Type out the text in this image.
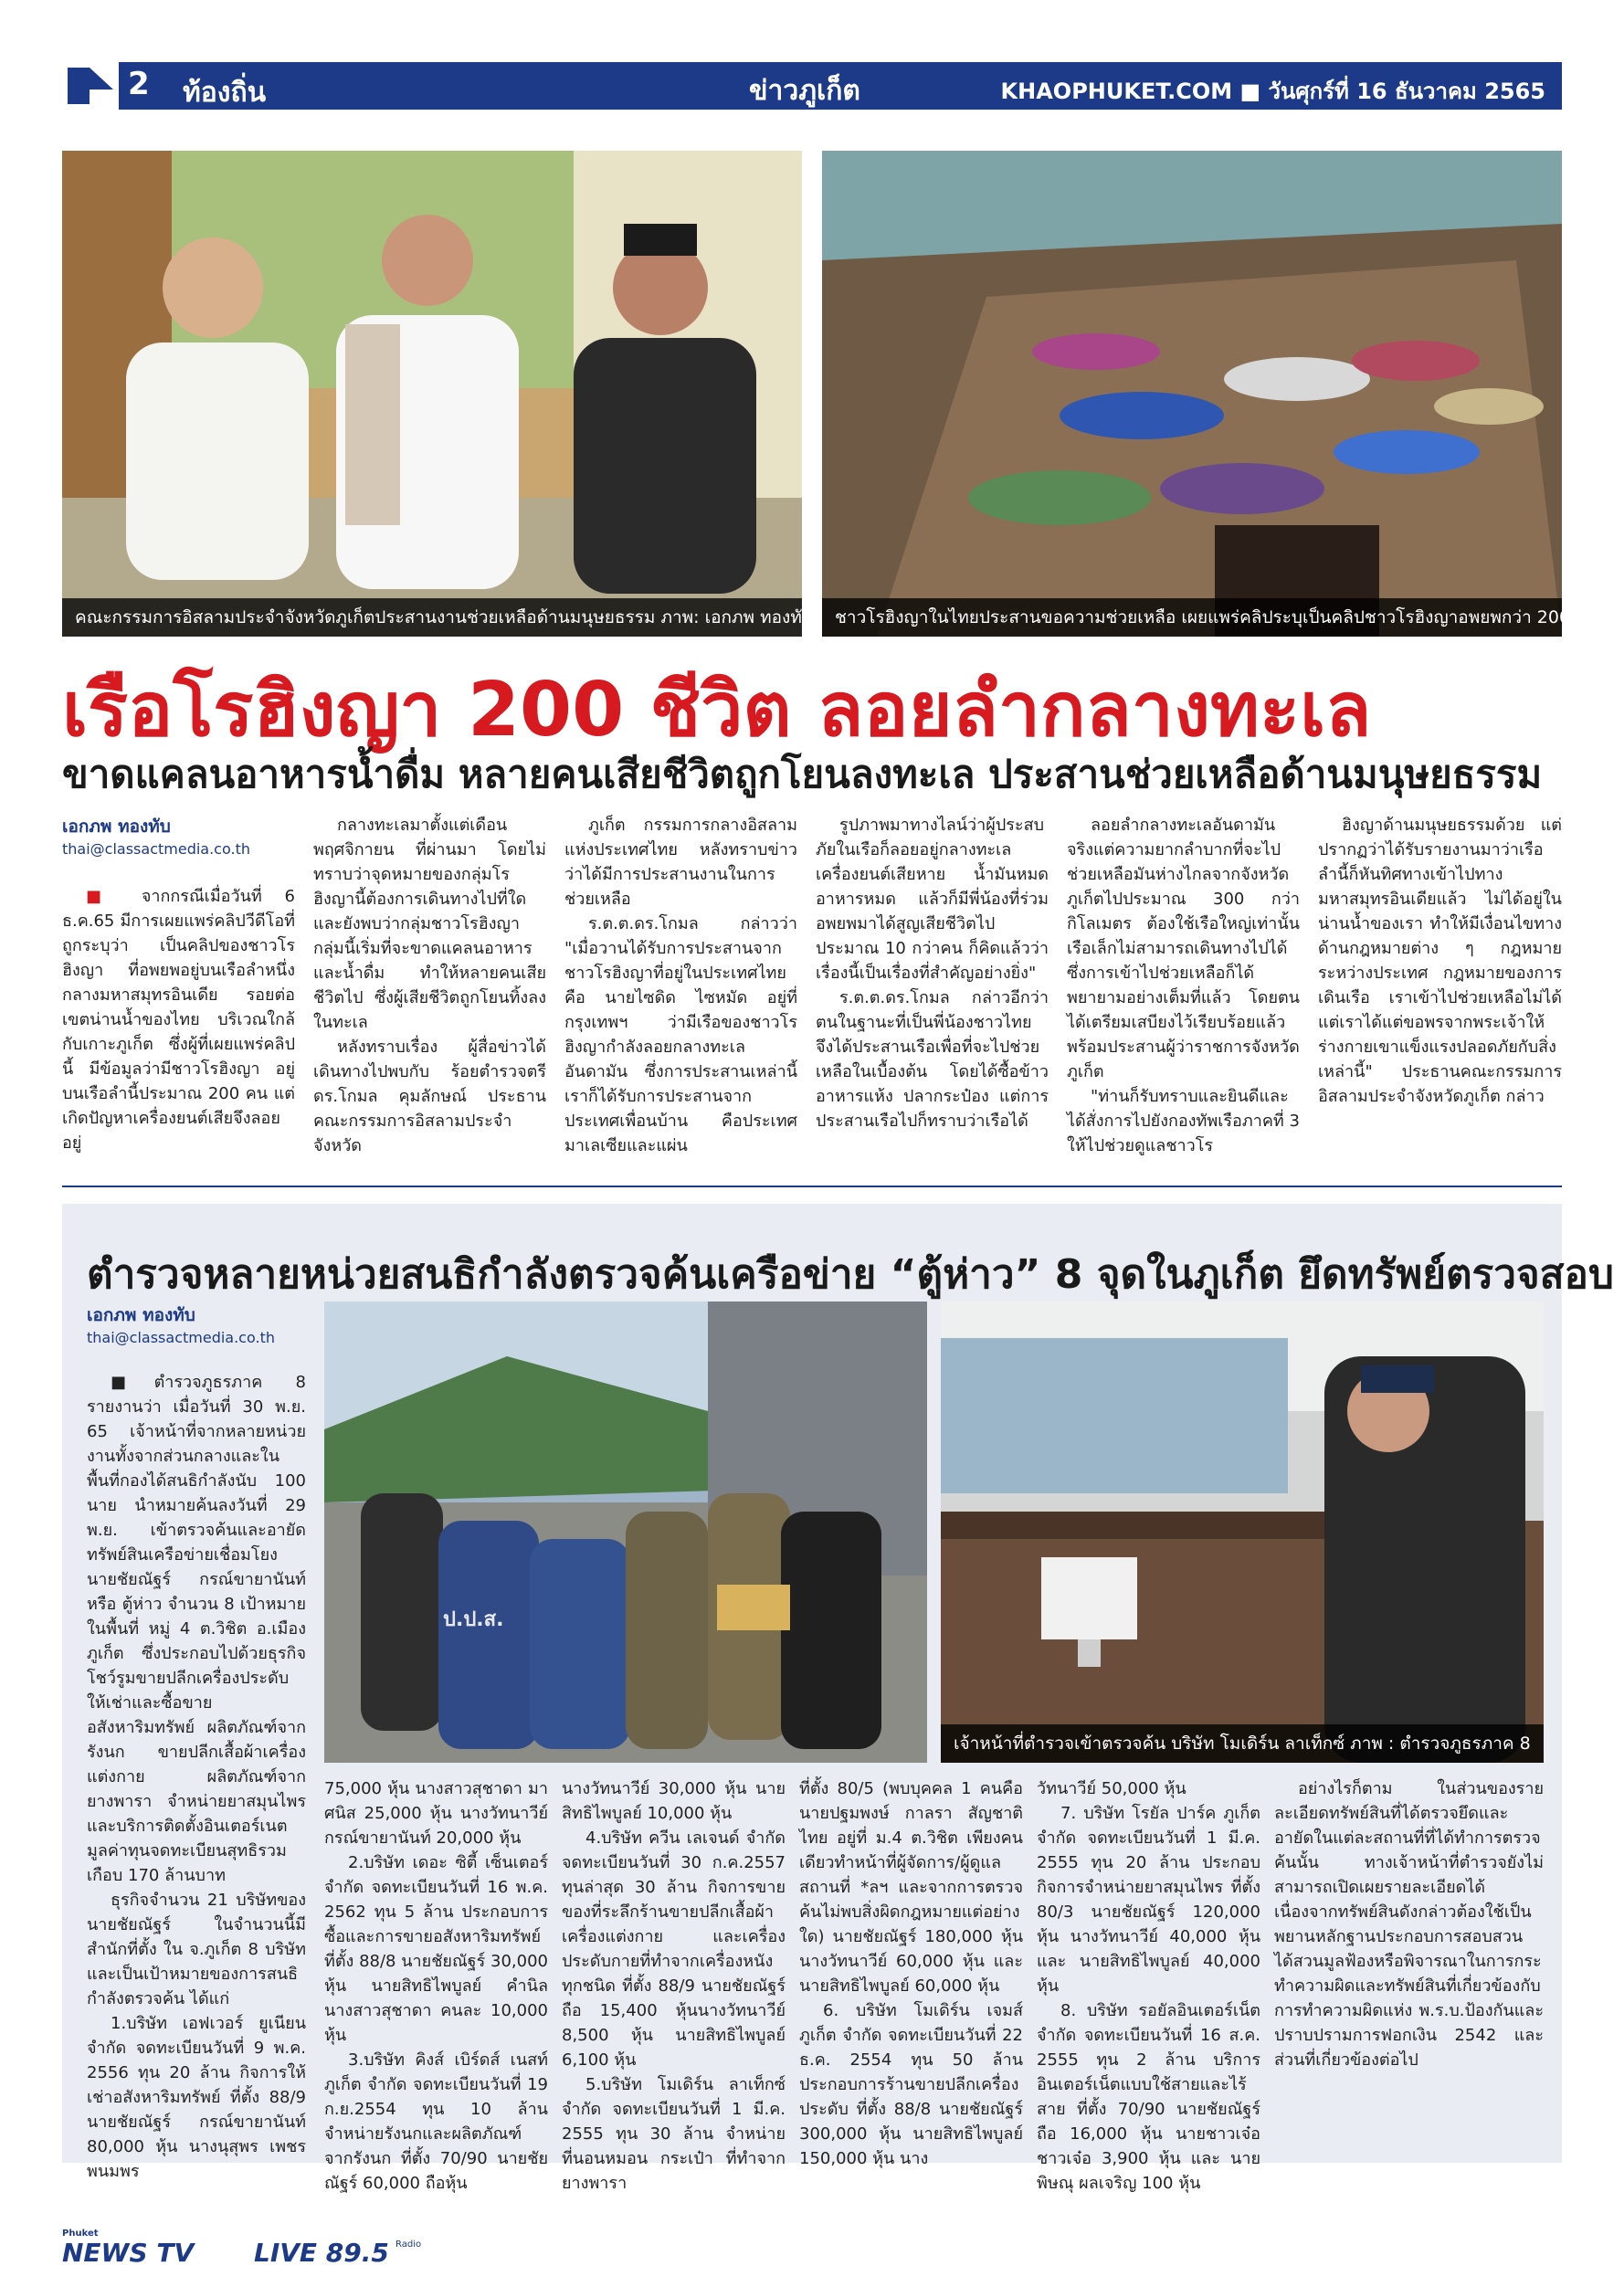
2 ท้องถิ่น	ข่าวภูเก็ต	KHAOPHUKET.COM ■ วันศุกร์ที่ 16 ธันวาคม 2565
คณะกรรมการอิสลามประจำจังหวัดภูเก็ตประสานงานช่วยเหลือด้านมนุษยธรรม ภาพ: เอกภพ ทองทับ	ชาวโรฮิงญาในไทยประสานขอความช่วยเหลือ เผยแพร่คลิประบุเป็นคลิปชาวโรฮิงญาอพยพกว่า 200 คน
เรือโรฮิงญา 200 ชีวิต ลอยลำกลางทะเล
ขาดแคลนอาหารน้ำดื่ม หลายคนเสียชีวิตถูกโยนลงทะเล ประสานช่วยเหลือด้านมนุษยธรรม
เอกภพ ทองทับ
thai@classactmedia.co.th

■ จากกรณีเมื่อวันที่ 6 ธ.ค.65 มีการเผยแพร่คลิปวีดีโอที่ถูกระบุว่า เป็นคลิปของชาวโรฮิงญา ที่อพยพอยู่บนเรือลำหนึ่ง กลางมหาสมุทรอินเดีย รอยต่อเขตน่านน้ำของไทย บริเวณใกล้กับเกาะภูเก็ต ซึ่งผู้ที่เผยแพร่คลิปนี้ มีข้อมูลว่ามีชาวโรฮิงญา อยู่บนเรือลำนี้ประมาณ 200 คน แต่เกิดปัญหาเครื่องยนต์เสียจึงลอยอยู่

กลางทะเลมาตั้งแต่เดือนพฤศจิกายน ที่ผ่านมา โดยไม่ทราบว่าจุดหมายของกลุ่มโรฮิงญานี้ต้องการเดินทางไปที่ใด และยังพบว่ากลุ่มชาวโรฮิงญากลุ่มนี้เริ่มที่จะขาดแคลนอาหารและน้ำดื่ม ทำให้หลายคนเสียชีวิตไป ซึ่งผู้เสียชีวิตถูกโยนทิ้งลงในทะเล

หลังทราบเรื่อง ผู้สื่อข่าวได้เดินทางไปพบกับ ร้อยตำรวจตรี ดร.โกมล คุมลักษณ์ ประธานคณะกรรมการอิสลามประจำจังหวัด

ภูเก็ต กรรมการกลางอิสลามแห่งประเทศไทย หลังทราบข่าวว่าได้มีการประสานงานในการช่วยเหลือ

ร.ต.ต.ดร.โกมล กล่าวว่า "เมื่อวานได้รับการประสานจากชาวโรฮิงญาที่อยู่ในประเทศไทยคือ นายไซดิด ไซหมัด อยู่ที่กรุงเทพฯ ว่ามีเรือของชาวโรฮิงญากำลังลอยกลางทะเลอันดามัน ซึ่งการประสานเหล่านี้เราก็ได้รับการประสานจากประเทศเพื่อนบ้าน คือประเทศมาเลเซียและแผ่น

รูปภาพมาทางไลน์ว่าผู้ประสบภัยในเรือก็ลอยอยู่กลางทะเลเครื่องยนต์เสียหาย น้ำมันหมด อาหารหมด แล้วก็มีพี่น้องที่ร่วมอพยพมาได้สูญเสียชีวิตไปประมาณ 10 กว่าคน ก็คิดแล้วว่าเรื่องนี้เป็นเรื่องที่สำคัญอย่างยิ่ง"

ร.ต.ต.ดร.โกมล กล่าวอีกว่า ตนในฐานะที่เป็นพี่น้องชาวไทยจึงได้ประสานเรือเพื่อที่จะไปช่วยเหลือในเบื้องต้น โดยได้ซื้อข้าวอาหารแห้ง ปลากระป๋อง แต่การประสานเรือไปก็ทราบว่าเรือได้

ลอยลำกลางทะเลอันดามันจริงแต่ความยากลำบากที่จะไปช่วยเหลือมันห่างไกลจากจังหวัดภูเก็ตไปประมาณ 300 กว่ากิโลเมตร ต้องใช้เรือใหญ่เท่านั้น เรือเล็กไม่สามารถเดินทางไปได้ ซึ่งการเข้าไปช่วยเหลือก็ได้พยายามอย่างเต็มที่แล้ว โดยตนได้เตรียมเสบียงไว้เรียบร้อยแล้ว พร้อมประสานผู้ว่าราชการจังหวัดภูเก็ต

"ท่านก็รับทราบและยินดีและได้สั่งการไปยังกองทัพเรือภาคที่ 3 ให้ไปช่วยดูแลชาวโร

ฮิงญาด้านมนุษยธรรมด้วย แต่ปรากฏว่าได้รับรายงานมาว่าเรือลำนี้ก็หันทิศทางเข้าไปทางมหาสมุทรอินเดียแล้ว ไม่ได้อยู่ในน่านน้ำของเรา ทำให้มีเงื่อนไขทางด้านกฎหมายต่าง ๆ กฎหมายระหว่างประเทศ กฎหมายของการเดินเรือ เราเข้าไปช่วยเหลือไม่ได้ แต่เราได้แต่ขอพรจากพระเจ้าให้ร่างกายเขาแข็งแรงปลอดภัยกับสิ่งเหล่านี้" ประธานคณะกรรมการอิสลามประจำจังหวัดภูเก็ต กล่าว

ตำรวจหลายหน่วยสนธิกำลังตรวจค้นเครือข่าย “ตู้ห่าว” 8 จุดในภูเก็ต ยึดทรัพย์ตรวจสอบ
เอกภพ ทองทับ
thai@classactmedia.co.th

■ตำรวจภูธรภาค 8 รายงานว่า เมื่อวันที่ 30 พ.ย. 65 เจ้าหน้าที่จากหลายหน่วยงานทั้งจากส่วนกลางและในพื้นที่กองได้สนธิกำลังนับ 100 นาย นำหมายค้นลงวันที่ 29 พ.ย. เข้าตรวจค้นและอายัดทรัพย์สินเครือข่ายเชื่อมโยงนายชัยณัฐร์ กรณ์ขายานันท์ หรือ ตู้ห่าว จำนวน 8 เป้าหมาย ในพื้นที่ หมู่ 4 ต.วิชิต อ.เมืองภูเก็ต ซึ่งประกอบไปด้วยธุรกิจโชว์รูมขายปลีกเครื่องประดับ ให้เช่าและซื้อขายอสังหาริมทรัพย์ ผลิตภัณฑ์จากรังนก ขายปลีกเสื้อผ้าเครื่องแต่งกาย ผลิตภัณฑ์จากยางพารา จำหน่ายยาสมุนไพร และบริการติดตั้งอินเตอร์เนต มูลค่าทุนจดทะเบียนสุทธิรวมเกือบ 170 ล้านบาท

ธุรกิจจำนวน 21 บริษัทของนายชัยณัฐร์ ในจำนวนนี้มีสำนักที่ตั้ง ใน จ.ภูเก็ต 8 บริษัท และเป็นเป้าหมายของการสนธิกำลังตรวจค้น ได้แก่

1.บริษัท เอฟเวอร์ ยูเนียน จำกัด จดทะเบียนวันที่ 9 พ.ค. 2556 ทุน 20 ล้าน กิจการให้เช่าอสังหาริมทรัพย์ ที่ตั้ง 88/9 นายชัยณัฐร์ กรณ์ขายานันท์ 80,000 หุ้น นางนุสุพร เพชรพนมพร

ป.ป.ส.
เจ้าหน้าที่ตำรวจเข้าตรวจค้น บริษัท โมเดิร์น ลาเท็กซ์ ภาพ : ตำรวจภูธรภาค 8

75,000 หุ้น นางสาวสุชาดา มาศนิส 25,000 หุ้น นางวัทนาวีย์ กรณ์ขายานันท์ 20,000 หุ้น

2.บริษัท เดอะ ซิตี้ เซ็นเตอร์ จำกัด จดทะเบียนวันที่ 16 พ.ค. 2562 ทุน 5 ล้าน ประกอบการซื้อและการขายอสังหาริมทรัพย์ ที่ตั้ง 88/8 นายชัยณัฐร์ 30,000 หุ้น นายสิทธิไพบูลย์ คำนิล นางสาวสุชาดา คนละ 10,000 หุ้น

3.บริษัท คิงส์ เบิร์ดส์ เนสท์ ภูเก็ต จำกัด จดทะเบียนวันที่ 19 ก.ย.2554 ทุน 10 ล้าน จำหน่ายรังนกและผลิตภัณฑ์จากรังนก ที่ตั้ง 70/90 นายชัยณัฐร์ 60,000 ถือหุ้น

นางวัทนาวีย์ 30,000 หุ้น นายสิทธิไพบูลย์ 10,000 หุ้น

4.บริษัท ควีน เลเจนด์ จำกัด จดทะเบียนวันที่ 30 ก.ค.2557 ทุนล่าสุด 30 ล้าน กิจการขายของที่ระลึกร้านขายปลีกเสื้อผ้า เครื่องแต่งกาย และเครื่องประดับกายที่ทำจากเครื่องหนังทุกชนิด ที่ตั้ง 88/9 นายชัยณัฐร์ ถือ 15,400 หุ้นนางวัทนาวีย์ 8,500 หุ้น นายสิทธิไพบูลย์ 6,100 หุ้น

5.บริษัท โมเดิร์น ลาเท็กซ์ จำกัด จดทะเบียนวันที่ 1 มี.ค. 2555 ทุน 30 ล้าน จำหน่ายที่นอนหมอน กระเป๋า ที่ทำจากยางพารา

ที่ตั้ง 80/5 (พบบุคคล 1 คนคือ นายปฐมพงษ์ กาลรา สัญชาติ ไทย อยู่ที่ ม.4 ต.วิชิต เพียงคนเดียวทำหน้าที่ผู้จัดการ/ผู้ดูแลสถานที่ *ลฯ และจากการตรวจค้นไม่พบสิ่งผิดกฎหมายแต่อย่างใด) นายชัยณัฐร์ 180,000 หุ้นนางวัทนาวีย์ 60,000 หุ้น และนายสิทธิไพบูลย์ 60,000 หุ้น

6. บริษัท โมเดิร์น เจมส์ ภูเก็ต จำกัด จดทะเบียนวันที่ 22 ธ.ค. 2554 ทุน 50 ล้าน ประกอบการร้านขายปลีกเครื่องประดับ ที่ตั้ง 88/8 นายชัยณัฐร์ 300,000 หุ้น นายสิทธิไพบูลย์ 150,000 หุ้น นาง

วัทนาวีย์ 50,000 หุ้น

7. บริษัท โรยัล ปาร์ค ภูเก็ต จำกัด จดทะเบียนวันที่ 1 มี.ค. 2555 ทุน 20 ล้าน ประกอบกิจการจำหน่ายยาสมุนไพร ที่ตั้ง 80/3 นายชัยณัฐร์ 120,000 หุ้น นางวัทนาวีย์ 40,000 หุ้น และ นายสิทธิไพบูลย์ 40,000 หุ้น

8. บริษัท รอยัลอินเตอร์เน็ต จำกัด จดทะเบียนวันที่ 16 ส.ค. 2555 ทุน 2 ล้าน บริการอินเตอร์เน็ตแบบใช้สายและไร้สาย ที่ตั้ง 70/90 นายชัยณัฐร์ ถือ 16,000 หุ้น นายชาวเจ๋อ ชาวเจ๋อ 3,900 หุ้น และ นายพิษณุ ผลเจริญ 100 หุ้น

อย่างไรก็ตาม ในส่วนของรายละเอียดทรัพย์สินที่ได้ตรวจยึดและอายัดในแต่ละสถานที่ที่ได้ทำการตรวจค้นนั้น ทางเจ้าหน้าที่ตำรวจยังไม่สามารถเปิดเผยรายละเอียดได้ เนื่องจากทรัพย์สินดังกล่าวต้องใช้เป็นพยานหลักฐานประกอบการสอบสวน ได้สวนมูลฟ้องหรือพิจารณาในการกระทำความผิดและทรัพย์สินที่เกี่ยวข้องกับการทำความผิดแห่ง พ.ร.บ.ป้องกันและปราบปรามการฟอกเงิน 2542 และส่วนที่เกี่ยวข้องต่อไป

Phuket
NEWS TV LIVE 89.5 Radio
